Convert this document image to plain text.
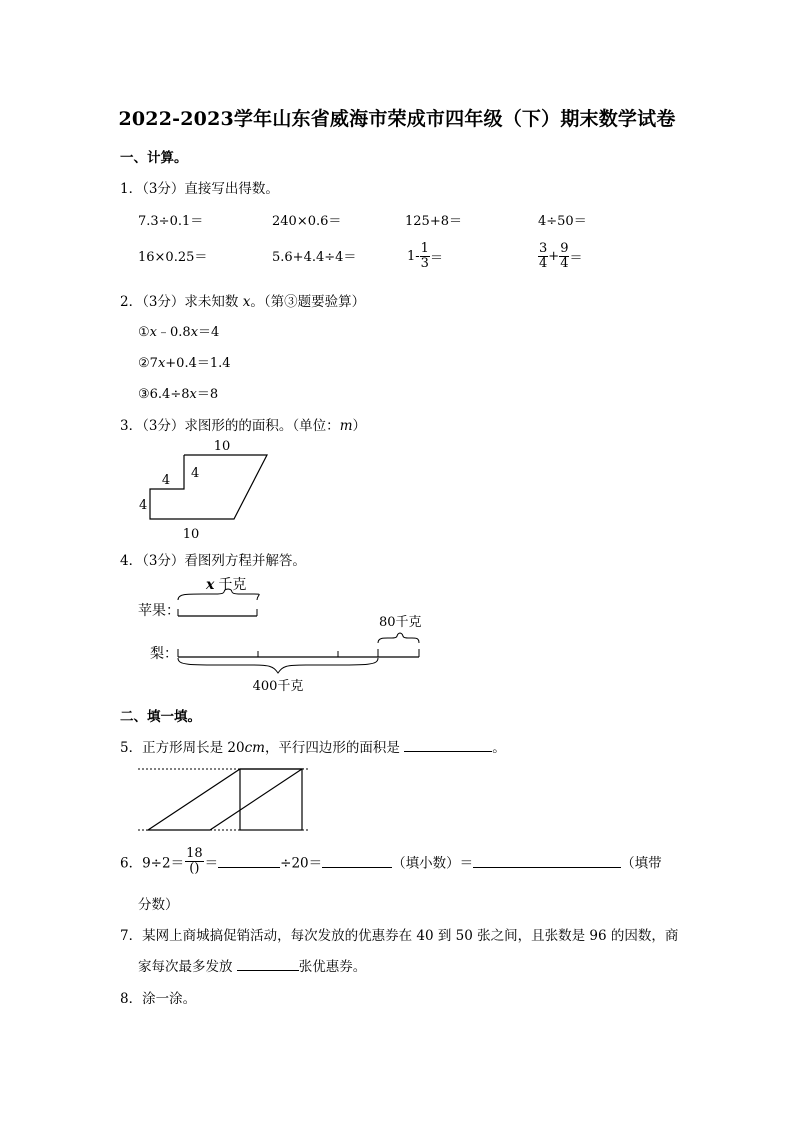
2022-2023学年山东省威海市荣成市四年级（下）期末数学试卷
一、计算。
1．（3分）直接写出得数。
7.3÷0.1＝	240×0.6＝	125+8＝	4÷50＝
16×0.25＝	5.6+4.4÷4＝	$1- \frac{1}{3}$ ＝	$\frac{3}{4} + \frac{9}{4}$ ＝
2．（3分）求未知数 x。（第③题要验算）
①x﹣0.8x＝4
②7x+0.4＝1.4
③6.4÷8x＝8
3．（3分）求图形的的面积。（单位：m）
10
4 4
4
10
4．（3分）看图列方程并解答。
x 千克
苹果：
80千克
梨：
400千克
二、填一填。
5．正方形周长是 20cm，平行四边形的面积是	。
6．$9\div 2= \frac{18}{()}$ ＝	÷20＝	（填小数）＝	（填带
分数）
7．某网上商城搞促销活动，每次发放的优惠券在 40 到 50 张之间，且张数是 96 的因数，商
家每次最多发放	张优惠券。
8．涂一涂。
